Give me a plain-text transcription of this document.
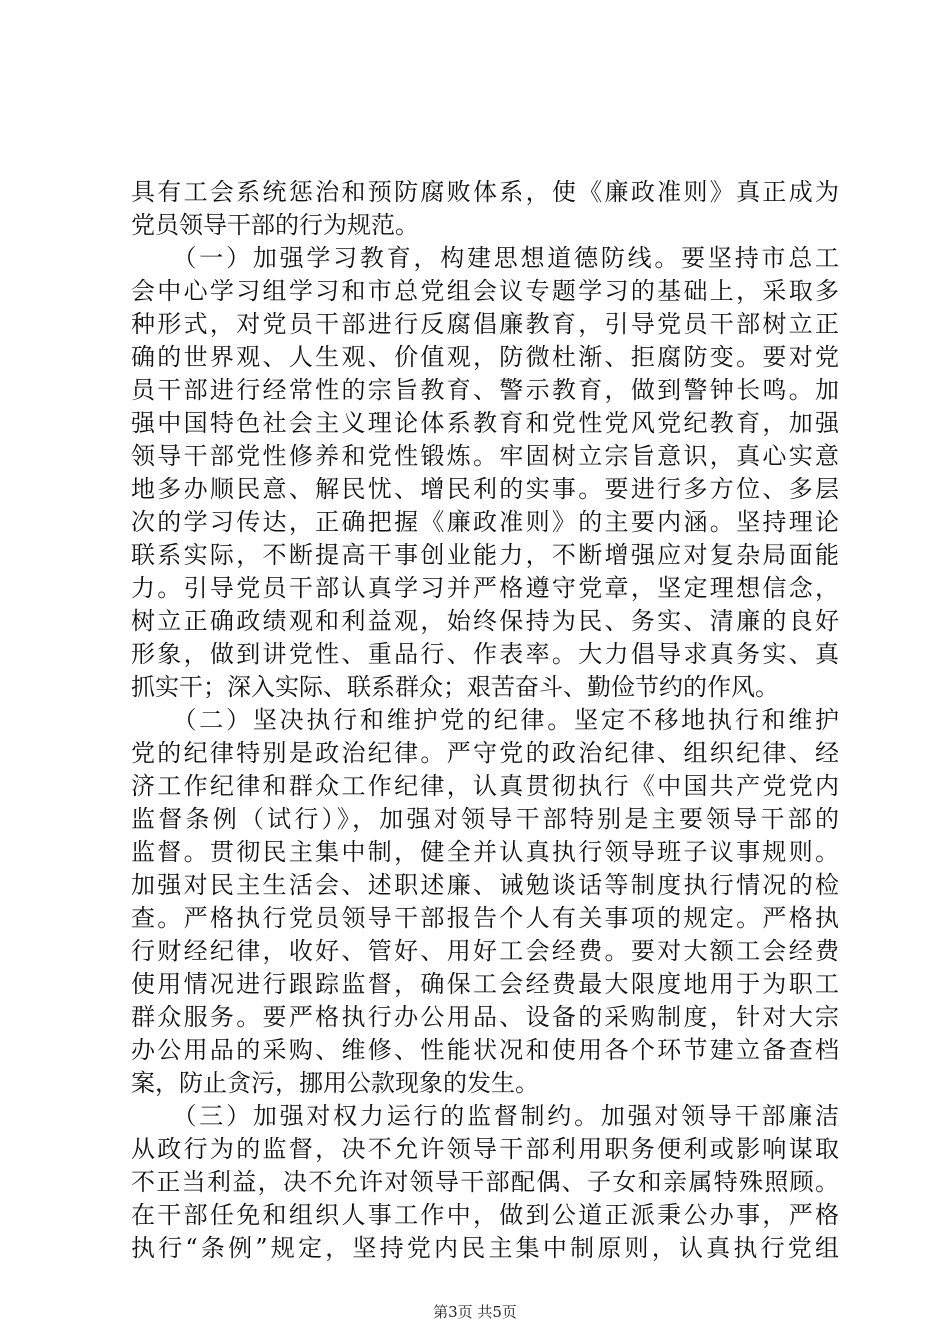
具有工会系统惩治和预防腐败体系，使《廉政准则》真正成为
党员领导干部的行为规范。
　　（一）加强学习教育，构建思想道德防线。要坚持市总工
会中心学习组学习和市总党组会议专题学习的基础上，采取多
种形式，对党员干部进行反腐倡廉教育，引导党员干部树立正
确的世界观、人生观、价值观，防微杜渐、拒腐防变。要对党
员干部进行经常性的宗旨教育、警示教育，做到警钟长鸣。加
强中国特色社会主义理论体系教育和党性党风党纪教育，加强
领导干部党性修养和党性锻炼。牢固树立宗旨意识，真心实意
地多办顺民意、解民忧、增民利的实事。要进行多方位、多层
次的学习传达，正确把握《廉政准则》的主要内涵。坚持理论
联系实际，不断提高干事创业能力，不断增强应对复杂局面能
力。引导党员干部认真学习并严格遵守党章，坚定理想信念，
树立正确政绩观和利益观，始终保持为民、务实、清廉的良好
形象，做到讲党性、重品行、作表率。大力倡导求真务实、真
抓实干；深入实际、联系群众；艰苦奋斗、勤俭节约的作风。
　　（二）坚决执行和维护党的纪律。坚定不移地执行和维护
党的纪律特别是政治纪律。严守党的政治纪律、组织纪律、经
济工作纪律和群众工作纪律，认真贯彻执行《中国共产党党内
监督条例（试行）》，加强对领导干部特别是主要领导干部的
监督。贯彻民主集中制，健全并认真执行领导班子议事规则。
加强对民主生活会、述职述廉、诫勉谈话等制度执行情况的检
查。严格执行党员领导干部报告个人有关事项的规定。严格执
行财经纪律，收好、管好、用好工会经费。要对大额工会经费
使用情况进行跟踪监督，确保工会经费最大限度地用于为职工
群众服务。要严格执行办公用品、设备的采购制度，针对大宗
办公用品的采购、维修、性能状况和使用各个环节建立备查档
案，防止贪污，挪用公款现象的发生。
　　（三）加强对权力运行的监督制约。加强对领导干部廉洁
从政行为的监督，决不允许领导干部利用职务便利或影响谋取
不正当利益，决不允许对领导干部配偶、子女和亲属特殊照顾。
在干部任免和组织人事工作中，做到公道正派秉公办事，严格
执行“条例”规定，坚持党内民主集中制原则，认真执行党组
第3页 共5页
